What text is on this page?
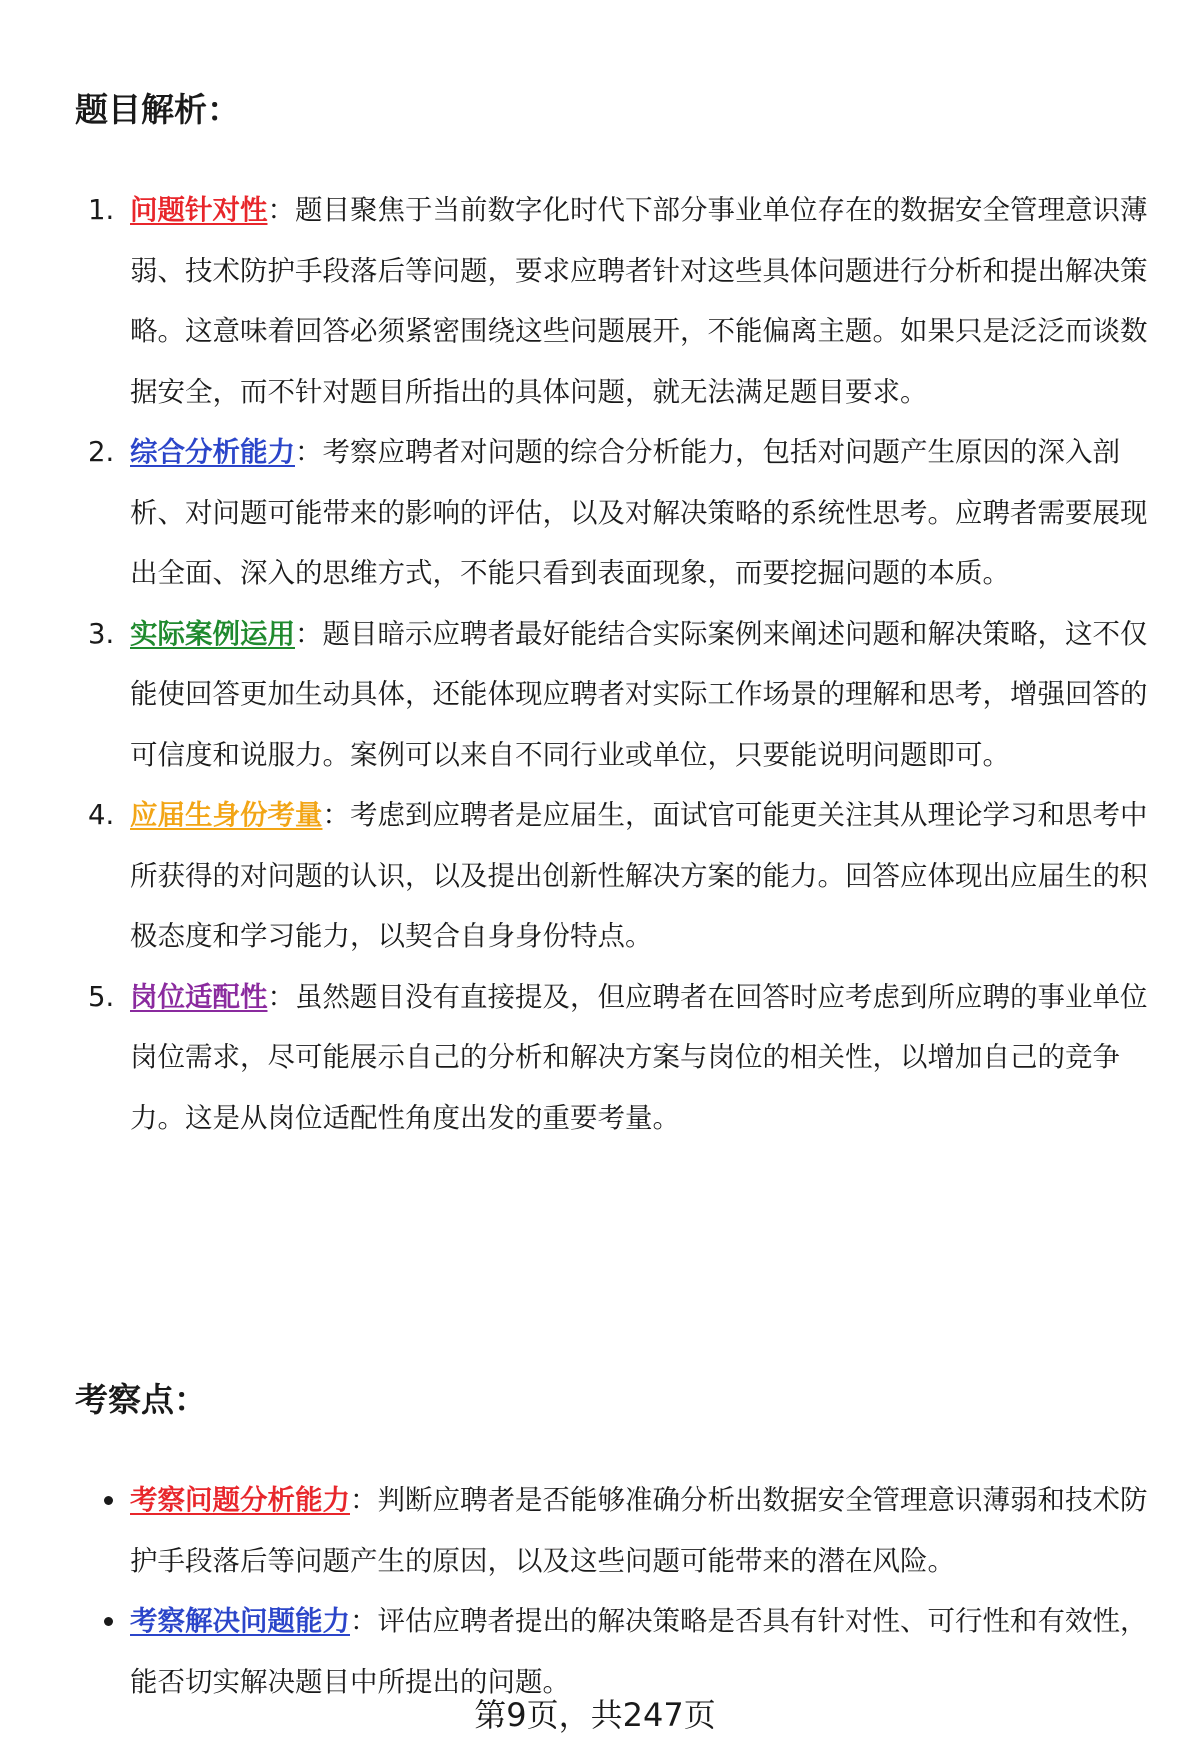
题目解析：
1. 问题针对性：题目聚焦于当前数字化时代下部分事业单位存在的数据安全管理意识薄弱、技术防护手段落后等问题，要求应聘者针对这些具体问题进行分析和提出解决策略。这意味着回答必须紧密围绕这些问题展开，不能偏离主题。如果只是泛泛而谈数据安全，而不针对题目所指出的具体问题，就无法满足题目要求。
2. 综合分析能力：考察应聘者对问题的综合分析能力，包括对问题产生原因的深入剖析、对问题可能带来的影响的评估，以及对解决策略的系统性思考。应聘者需要展现出全面、深入的思维方式，不能只看到表面现象，而要挖掘问题的本质。
3. 实际案例运用：题目暗示应聘者最好能结合实际案例来阐述问题和解决策略，这不仅能使回答更加生动具体，还能体现应聘者对实际工作场景的理解和思考，增强回答的可信度和说服力。案例可以来自不同行业或单位，只要能说明问题即可。
4. 应届生身份考量：考虑到应聘者是应届生，面试官可能更关注其从理论学习和思考中所获得的对问题的认识，以及提出创新性解决方案的能力。回答应体现出应届生的积极态度和学习能力，以契合自身身份特点。
5. 岗位适配性：虽然题目没有直接提及，但应聘者在回答时应考虑到所应聘的事业单位岗位需求，尽可能展示自己的分析和解决方案与岗位的相关性，以增加自己的竞争力。这是从岗位适配性角度出发的重要考量。
考察点：
考察问题分析能力：判断应聘者是否能够准确分析出数据安全管理意识薄弱和技术防护手段落后等问题产生的原因，以及这些问题可能带来的潜在风险。
考察解决问题能力：评估应聘者提出的解决策略是否具有针对性、可行性和有效性，能否切实解决题目中所提出的问题。
第9页，共247页
